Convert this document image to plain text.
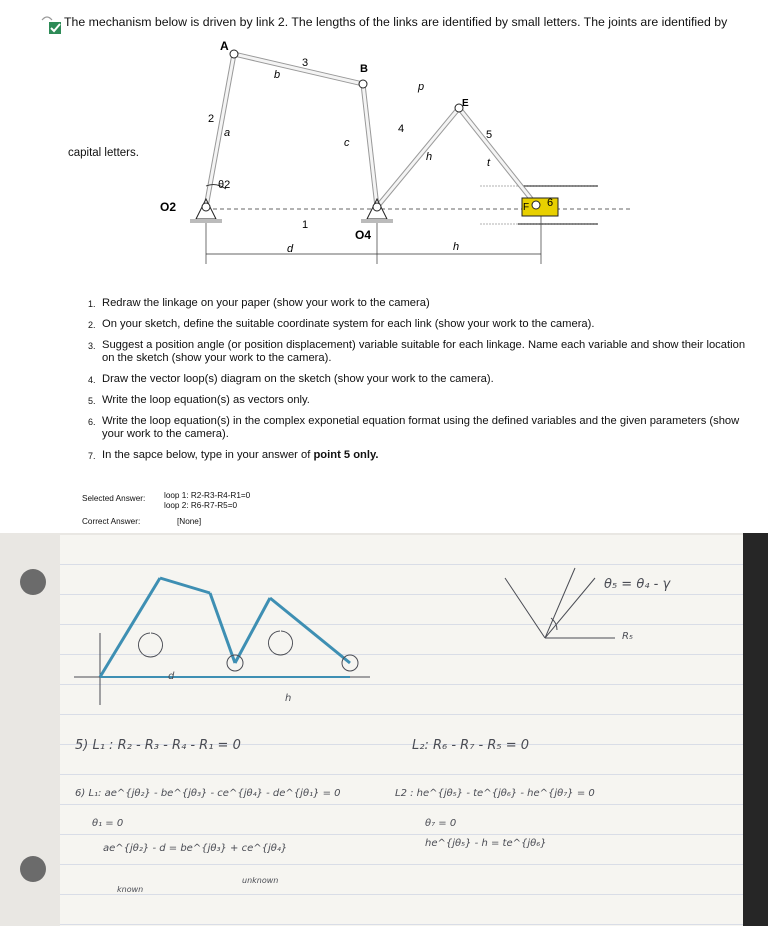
The mechanism below is driven by link 2. The lengths of the links are identified by small letters. The joints are identified by
capital letters.
A
B
E
O2
O4
F
2
3
4	5
1
6
a
b
c
p
h	t
d	h
θ2
1. Redraw the linkage on your paper (show your work to the camera)
2. On your sketch, define the suitable coordinate system for each link (show your work to the camera).
3. Suggest a position angle (or position displacement) variable suitable for each linkage. Name each variable and show their location on the sketch (show your work to the camera).
4. Draw the vector loop(s) diagram on the sketch (show your work to the camera).
5. Write the loop equation(s) as vectors only.
6. Write the loop equation(s) in the complex exponetial equation format using the defined variables and the given parameters (show your work to the camera).
7. In the sapce below, type in your answer of point 5 only.
Selected Answer: loop 1: R2-R3-R4-R1=0
loop 2: R6-R7-R5=0
Correct Answer:	[None]
d
h
θ₅ = θ₄ - γ
R₅
5) L₁ : R₂ - R₃ - R₄ - R₁ = 0	L₂: R₆ - R₇ - R₅ = 0
6) L₁: ae^{jθ₂} - be^{jθ₃} - ce^{jθ₄} - de^{jθ₁} = 0	L2 : he^{jθ₅} - te^{jθ₆} - he^{jθ₇} = 0
θ₁ = 0	θ₇ = 0
ae^{jθ₂} - d = be^{jθ₃} + ce^{jθ₄}	he^{jθ₅} - h = te^{jθ₆}
known
unknown
